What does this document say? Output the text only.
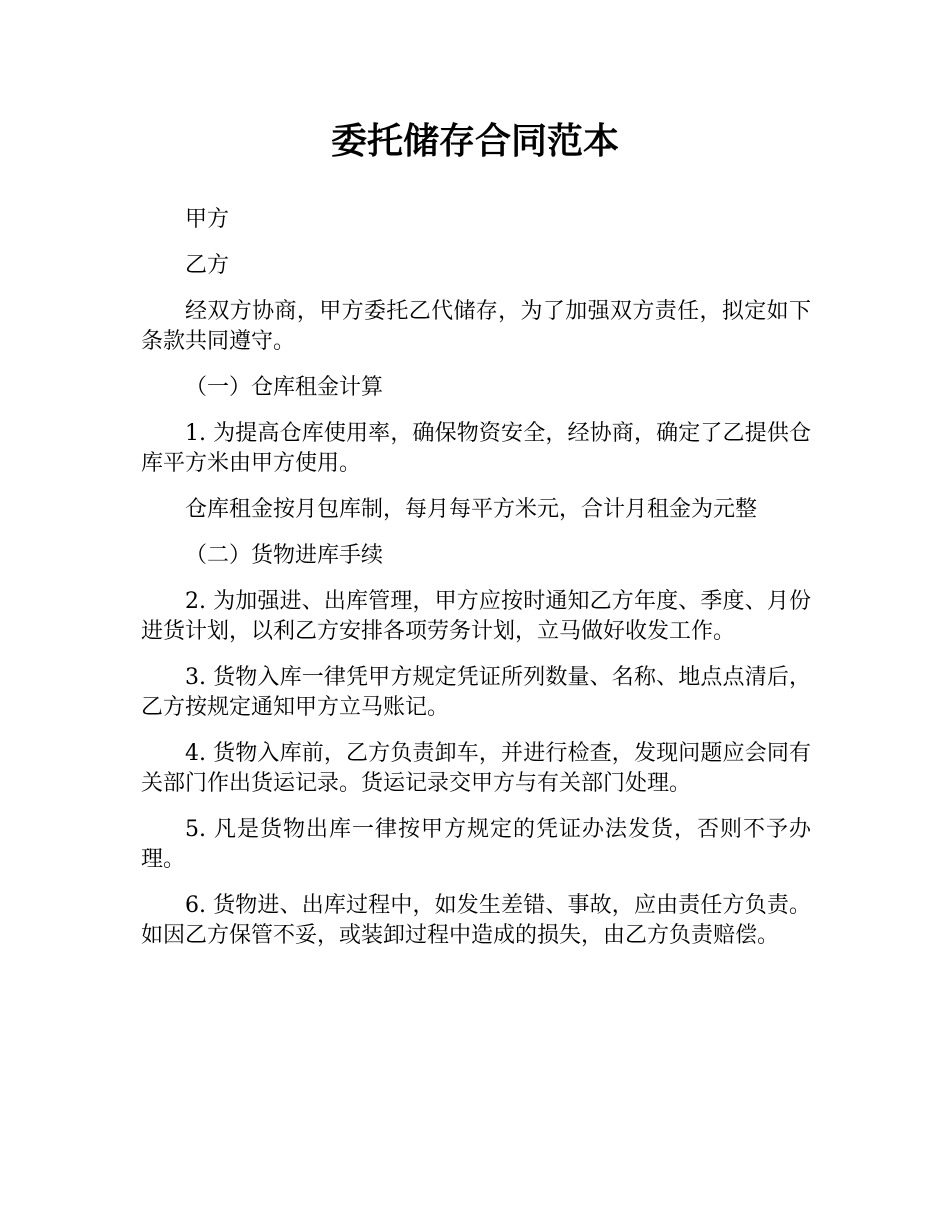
委托储存合同范本

甲方

乙方

经双方协商，甲方委托乙代储存，为了加强双方责任，拟定如下条款共同遵守。

（一）仓库租金计算

1. 为提高仓库使用率，确保物资安全，经协商，确定了乙提供仓库平方米由甲方使用。

仓库租金按月包库制，每月每平方米元，合计月租金为元整

（二）货物进库手续

2. 为加强进、出库管理，甲方应按时通知乙方年度、季度、月份进货计划，以利乙方安排各项劳务计划，立马做好收发工作。

3. 货物入库一律凭甲方规定凭证所列数量、名称、地点点清后，乙方按规定通知甲方立马账记。

4. 货物入库前，乙方负责卸车，并进行检查，发现问题应会同有关部门作出货运记录。货运记录交甲方与有关部门处理。

5. 凡是货物出库一律按甲方规定的凭证办法发货，否则不予办理。

6. 货物进、出库过程中，如发生差错、事故，应由责任方负责。如因乙方保管不妥，或装卸过程中造成的损失，由乙方负责赔偿。
